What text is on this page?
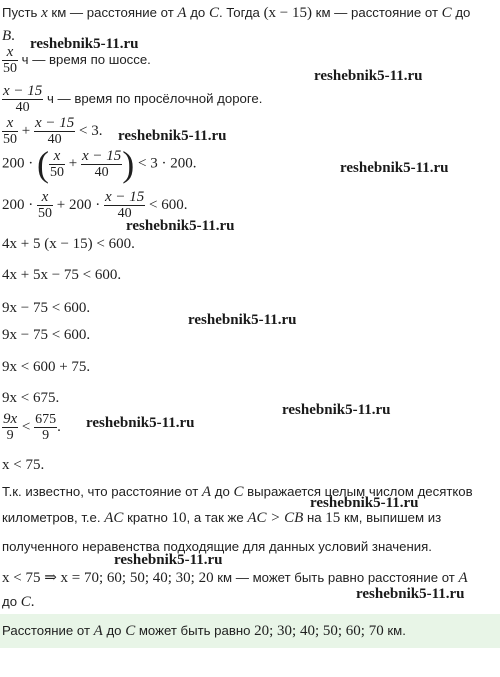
Пусть x км — расстояние от A до C. Тогда (x − 15) км — расстояние от C до
B. reshebnik5-11.ru
$\frac{x}{50}$ ч — время по шоссе.
reshebnik5-11.ru
$\frac{x - 15}{40}$ ч — время по просёлочной дороге.
$\frac{x}{50} + \frac{x - 15}{40} < 3$. reshebnik5-11.ru
200 · ( $\frac{x}{50} + \frac{x - 15}{40}$ ) < 3 · 200.	reshebnik5-11.ru
$200 \cdot \frac{x}{50} + 200 \cdot \frac{x - 15}{40} < 600$.
reshebnik5-11.ru
4x + 5 (x − 15) < 600.
4x + 5x − 75 < 600.
9x − 75 < 600.
reshebnik5-11.ru
9x − 75 < 600.
9x < 600 + 75.
9x < 675.
reshebnik5-11.ru
$\frac{9x}{9} < \frac{675}{9}$ . reshebnik5-11.ru
x < 75.
Т.к. известно, что расстояние от A до C выражается целым числом десятков
reshebnik5-11.ru
километров, т.е. AC кратно 10, а так же AC > CB на 15 км, выпишем из
полученного неравенства подходящие для данных условий значения.
reshebnik5-11.ru
x < 75 ⇒ x = 70; 60; 50; 40; 30; 20 км — может быть равно расстояние от A
reshebnik5-11.ru
до C.
Расстояние от A до C может быть равно 20; 30; 40; 50; 60; 70 км.
